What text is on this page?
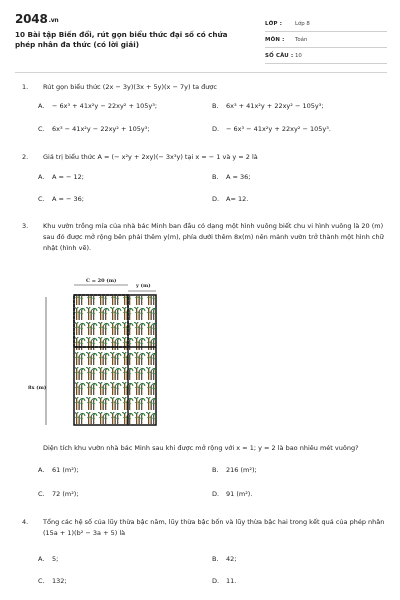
2048.vn
10 Bài tập Biến đổi, rút gọn biểu thức đại số có chứa phép nhân đa thức (có lời giải)
LỚP :	Lớp 8
MÔN :	Toán
SỐ CÂU : 10
1.	Rút gọn biểu thức (2x − 3y)(3x + 5y)(x − 7y) ta được
A. − 6x³ + 41x²y − 22xy² + 105y³;	B. 6x³ + 41x²y + 22xy² − 105y³;
C. 6x³ − 41x²y − 22xy² + 105y³;	D. − 6x³ − 41x²y + 22xy² − 105y³.
2.	Giá trị biểu thức A = (− x²y + 2xy)(− 3x³y) tại x = − 1 và y = 2 là
A. A = − 12;	B. A = 36;
C. A = − 36;	D. A= 12.
3.	Khu vườn trồng mía của nhà bác Minh ban đầu có dạng một hình vuông biết chu vi hình vuông là 20 (m) sau đó được mở rộng bên phải thêm y(m), phía dưới thêm 8x(m) nên mảnh vườn trở thành một hình chữ nhật (hình vẽ).
C = 20 (m)
y (m)
8x (m)
Diện tích khu vườn nhà bác Minh sau khi được mở rộng với x = 1; y = 2 là bao nhiêu mét vuông?
A. 61 (m²);	B. 216 (m²);
C. 72 (m²);	D. 91 (m²).
4.	Tổng các hệ số của lũy thừa bậc năm, lũy thừa bậc bốn và lũy thừa bậc hai trong kết quả của phép nhân (15a + 1)(b² − 3a + 5) là
A. 5;	B. 42;
C. 132;	D. 11.
